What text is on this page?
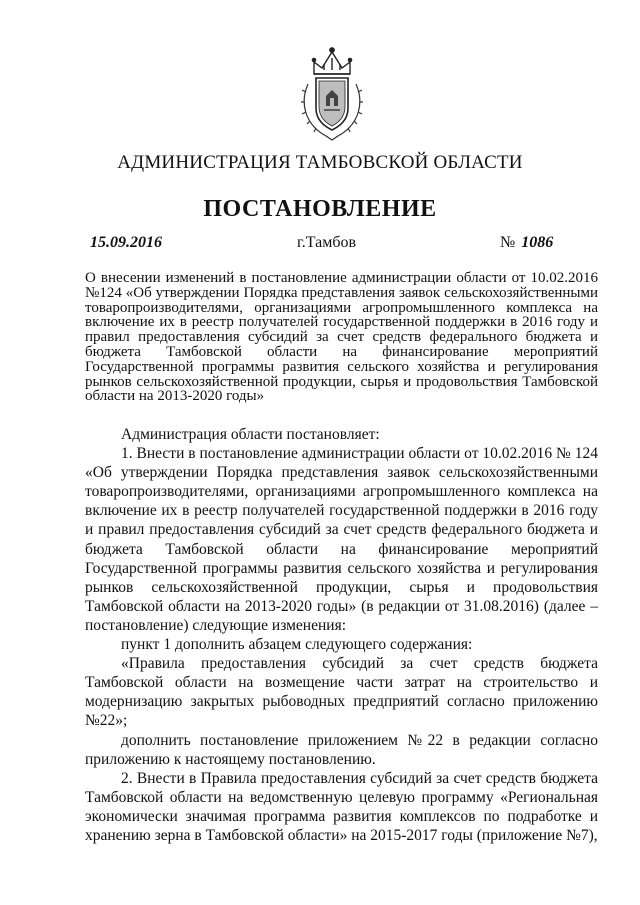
АДМИНИСТРАЦИЯ ТАМБОВСКОЙ ОБЛАСТИ
ПОСТАНОВЛЕНИЕ
15.09.2016	г.Тамбов	№ 1086
О внесении изменений в постановление администрации области от 10.02.2016 №124 «Об утверждении Порядка представления заявок сельскохозяйственными товаропроизводителями, организациями агропромышленного комплекса на включение их в реестр получателей государственной поддержки в 2016 году и правил предоставления субсидий за счет средств федерального бюджета и бюджета Тамбовской области на финансирование мероприятий Государственной программы развития сельского хозяйства и регулирования рынков сельскохозяйственной продукции, сырья и продовольствия Тамбовской области на 2013-2020 годы»

Администрация области постановляет:

1. Внести в постановление администрации области от 10.02.2016 № 124 «Об утверждении Порядка представления заявок сельскохозяйственными товаропроизводителями, организациями агропромышленного комплекса на включение их в реестр получателей государственной поддержки в 2016 году и правил предоставления субсидий за счет средств федерального бюджета и бюджета Тамбовской области на финансирование мероприятий Государственной программы развития сельского хозяйства и регулирования рынков сельскохозяйственной продукции, сырья и продовольствия Тамбовской области на 2013-2020 годы» (в редакции от 31.08.2016) (далее – постановление) следующие изменения:

пункт 1 дополнить абзацем следующего содержания:

«Правила предоставления субсидий за счет средств бюджета Тамбовской области на возмещение части затрат на строительство и модернизацию закрытых рыбоводных предприятий согласно приложению №22»;

дополнить постановление приложением №22 в редакции согласно приложению к настоящему постановлению.

2. Внести в Правила предоставления субсидий за счет средств бюджета Тамбовской области на ведомственную целевую программу «Региональная экономически значимая программа развития комплексов по подработке и хранению зерна в Тамбовской области» на 2015-2017 годы (приложение №7),
